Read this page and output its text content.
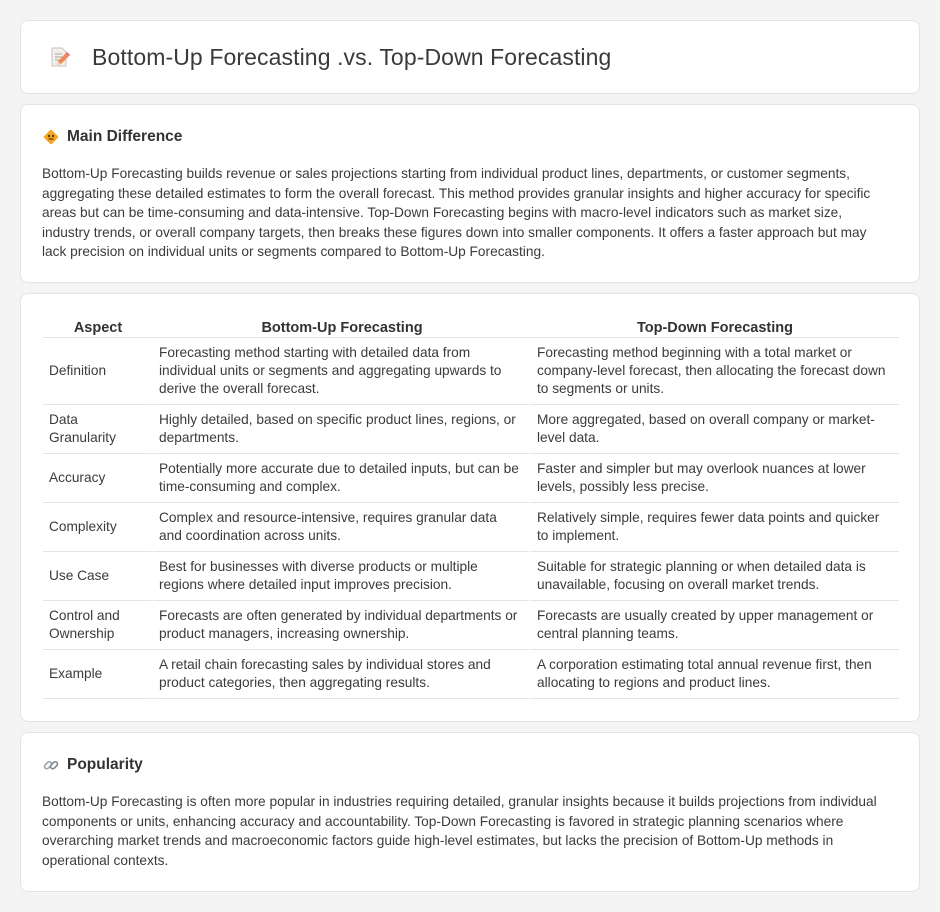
Bottom-Up Forecasting .vs. Top-Down Forecasting
Main Difference

Bottom-Up Forecasting builds revenue or sales projections starting from individual product lines, departments, or customer segments, aggregating these detailed estimates to form the overall forecast. This method provides granular insights and higher accuracy for specific areas but can be time-consuming and data-intensive. Top-Down Forecasting begins with macro-level indicators such as market size, industry trends, or overall company targets, then breaks these figures down into smaller components. It offers a faster approach but may lack precision on individual units or segments compared to Bottom-Up Forecasting.

Aspect	Bottom-Up Forecasting	Top-Down Forecasting
Definition	Forecasting method starting with detailed data from individual units or segments and aggregating upwards to derive the overall forecast.	Forecasting method beginning with a total market or company-level forecast, then allocating the forecast down to segments or units.
Data Granularity	Highly detailed, based on specific product lines, regions, or departments.	More aggregated, based on overall company or market-level data.
Accuracy	Potentially more accurate due to detailed inputs, but can be time-consuming and complex.	Faster and simpler but may overlook nuances at lower levels, possibly less precise.
Complexity	Complex and resource-intensive, requires granular data and coordination across units.	Relatively simple, requires fewer data points and quicker to implement.
Use Case	Best for businesses with diverse products or multiple regions where detailed input improves precision.	Suitable for strategic planning or when detailed data is unavailable, focusing on overall market trends.
Control and Ownership	Forecasts are often generated by individual departments or product managers, increasing ownership.	Forecasts are usually created by upper management or central planning teams.
Example	A retail chain forecasting sales by individual stores and product categories, then aggregating results.	A corporation estimating total annual revenue first, then allocating to regions and product lines.
Popularity

Bottom-Up Forecasting is often more popular in industries requiring detailed, granular insights because it builds projections from individual components or units, enhancing accuracy and accountability. Top-Down Forecasting is favored in strategic planning scenarios where overarching market trends and macroeconomic factors guide high-level estimates, but lacks the precision of Bottom-Up methods in operational contexts.
